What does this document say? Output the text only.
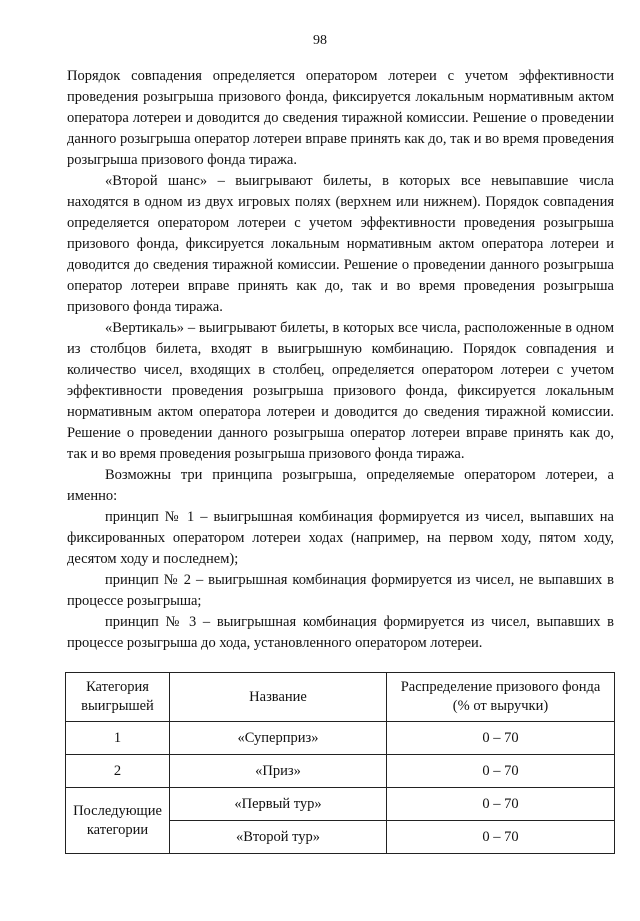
98

Порядок совпадения определяется оператором лотереи с учетом эффективности проведения розыгрыша призового фонда, фиксируется локальным нормативным актом оператора лотереи и доводится до сведения тиражной комиссии. Решение о проведении данного розыгрыша оператор лотереи вправе принять как до, так и во время проведения розыгрыша призового фонда тиража.

«Второй шанс» – выигрывают билеты, в которых все невыпавшие числа находятся в одном из двух игровых полях (верхнем или нижнем). Порядок совпадения определяется оператором лотереи с учетом эффективности проведения розыгрыша призового фонда, фиксируется локальным нормативным актом оператора лотереи и доводится до сведения тиражной комиссии. Решение о проведении данного розыгрыша оператор лотереи вправе принять как до, так и во время проведения розыгрыша призового фонда тиража.

«Вертикаль» – выигрывают билеты, в которых все числа, расположенные в одном из столбцов билета, входят в выигрышную комбинацию. Порядок совпадения и количество чисел, входящих в столбец, определяется оператором лотереи с учетом эффективности проведения розыгрыша призового фонда, фиксируется локальным нормативным актом оператора лотереи и доводится до сведения тиражной комиссии. Решение о проведении данного розыгрыша оператор лотереи вправе принять как до, так и во время проведения розыгрыша призового фонда тиража.

Возможны три принципа розыгрыша, определяемые оператором лотереи, а именно:

принцип № 1 – выигрышная комбинация формируется из чисел, выпавших на фиксированных оператором лотереи ходах (например, на первом ходу, пятом ходу, десятом ходу и последнем);

принцип № 2 – выигрышная комбинация формируется из чисел, не выпавших в процессе розыгрыша;

принцип № 3 – выигрышная комбинация формируется из чисел, выпавших в процессе розыгрыша до хода, установленного оператором лотереи.

Категория выигрышей	Название	Распределение призового фонда (% от выручки)
1	«Суперприз»	0 – 70
2	«Приз»	0 – 70
Последующие категории	«Первый тур»	0 – 70
	«Второй тур»	0 – 70
